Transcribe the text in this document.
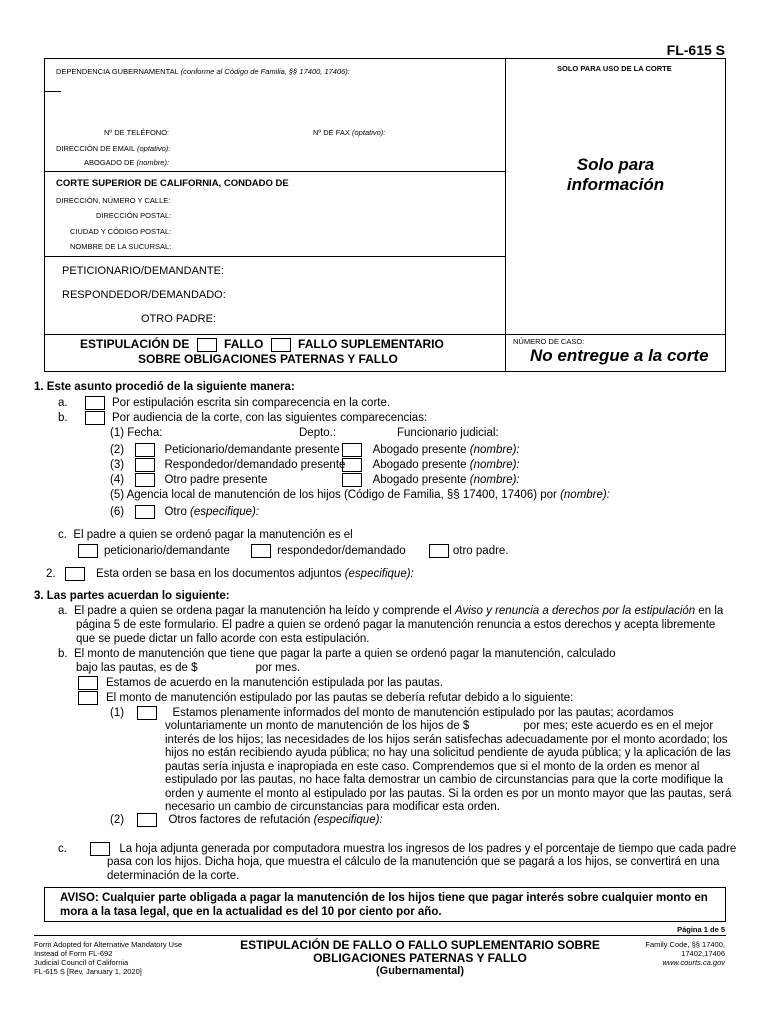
FL-615 S
DEPENDENCIA GUBERNAMENTAL (conforme al Código de Familia, §§ 17400, 17406):	SOLO PARA USO DE LA CORTE
Nº DE TELÉFONO:	Nº DE FAX (optativo):
DIRECCIÓN DE EMAIL (optativo):
ABOGADO DE (nombre):
CORTE SUPERIOR DE CALIFORNIA, CONDADO DE
DIRECCIÓN, NÚMERO Y CALLE:
DIRECCIÓN POSTAL:
CIUDAD Y CÓDIGO POSTAL:
NOMBRE DE LA SUCURSAL:
Solo para
información
PETICIONARIO/DEMANDANTE:
RESPONDEDOR/DEMANDADO:
OTRO PADRE:
ESTIPULACIÓN DE	FALLO	FALLO SUPLEMENTARIO
SOBRE OBLIGACIONES PATERNAS Y FALLO
NÚMERO DE CASO:
No entregue a la corte
1. Este asunto procedió de la siguiente manera:
a.	Por estipulación escrita sin comparecencia en la corte.
b.	Por audiencia de la corte, con las siguientes comparecencias:
(1) Fecha:	Depto.:	Funcionario judicial:
(2)	Peticionario/demandante presente	Abogado presente (nombre):
(3)	Respondedor/demandado presente	Abogado presente (nombre):
(4)	Otro padre presente	Abogado presente (nombre):
(5) Agencia local de manutención de los hijos (Código de Familia, §§ 17400, 17406) por (nombre):
(6)	Otro (especifique):
c. El padre a quien se ordenó pagar la manutención es el
peticionario/demandante	respondedor/demandado	otro padre.
2.	Esta orden se basa en los documentos adjuntos (especifique):
3. Las partes acuerdan lo siguiente:
a. El padre a quien se ordena pagar la manutención ha leído y comprende el Aviso y renuncia a derechos por la estipulación en la
página 5 de este formulario. El padre a quien se ordenó pagar la manutención renuncia a estos derechos y acepta libremente
que se puede dictar un fallo acorde con esta estipulación.
b. El monto de manutención que tiene que pagar la parte a quien se ordenó pagar la manutención, calculado
bajo las pautas, es de $	por mes.
Estamos de acuerdo en la manutención estipulada por las pautas.
El monto de manutención estipulado por las pautas se debería refutar debido a lo siguiente:
(1)	Estamos plenamente informados del monto de manutención estipulado por las pautas; acordamos
voluntariamente un monto de manutención de los hijos de $	por mes; este acuerdo es en el mejor
interés de los hijos; las necesidades de los hijos serán satisfechas adecuadamente por el monto acordado; los
hijos no están recibiendo ayuda pública; no hay una solicitud pendiente de ayuda pública; y la aplicación de las
pautas sería injusta e inapropiada en este caso. Comprendemos que si el monto de la orden es menor al
estipulado por las pautas, no hace falta demostrar un cambio de circunstancias para que la corte modifique la
orden y aumente el monto al estipulado por las pautas. Si la orden es por un monto mayor que las pautas, será
necesario un cambio de circunstancias para modificar esta orden.
(2)	Otros factores de refutación (especifique):
c.	La hoja adjunta generada por computadora muestra los ingresos de los padres y el porcentaje de tiempo que cada padre
pasa con los hijos. Dicha hoja, que muestra el cálculo de la manutención que se pagará a los hijos, se convertirá en una
determinación de la corte.
AVISO: Cualquier parte obligada a pagar la manutención de los hijos tiene que pagar interés sobre cualquier monto en
mora a la tasa legal, que en la actualidad es del 10 por ciento por año.
Página 1 de 5
Form Adopted for Alternative Mandatory Use
Instead of Form FL-692
Judicial Council of California
FL-615 S [Rev. January 1, 2020]
ESTIPULACIÓN DE FALLO O FALLO SUPLEMENTARIO SOBRE
OBLIGACIONES PATERNAS Y FALLO
(Gubernamental)
Family Code, §§ 17400,
17402,17406
www.courts.ca.gov
